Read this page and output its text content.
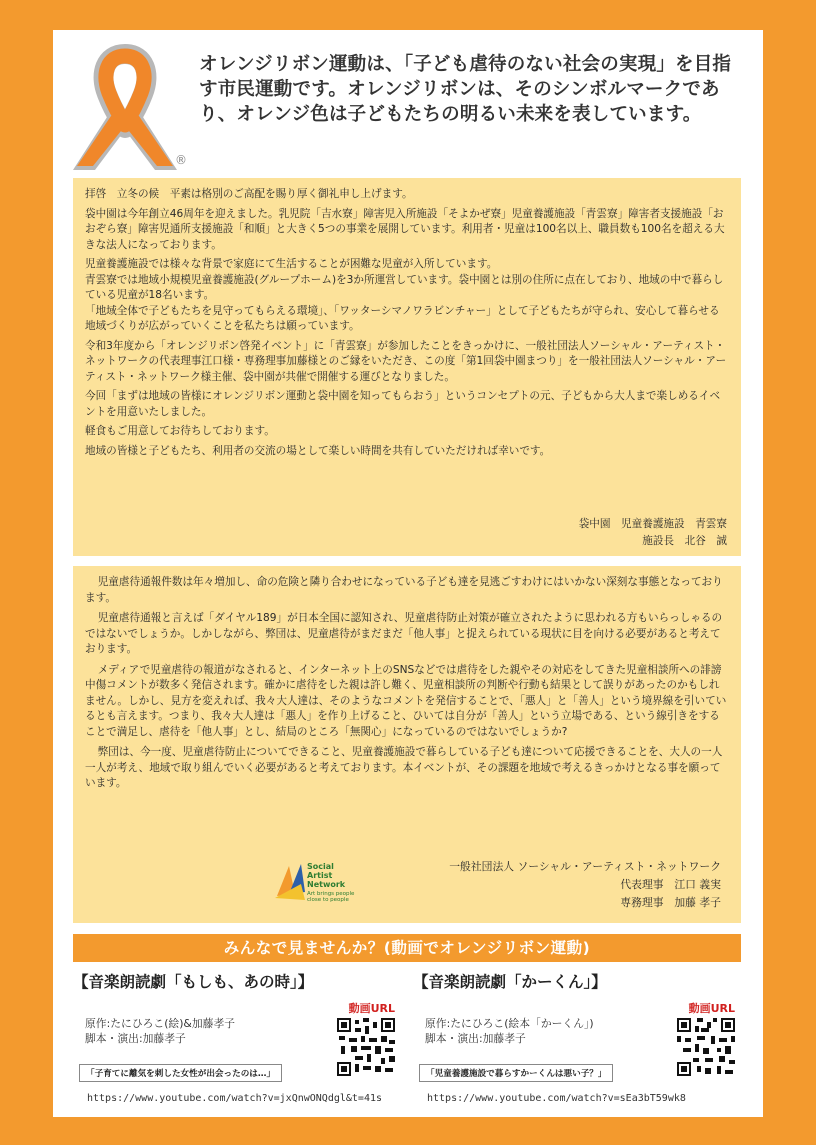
®
オレンジリボン運動は、「子ども虐待のない社会の実現」を目指す市民運動です。オレンジリボンは、そのシンボルマークであり、オレンジ色は子どもたちの明るい未来を表しています。

拝啓　立冬の候　平素は格別のご高配を賜り厚く御礼申し上げます。

袋中園は今年創立46周年を迎えました。乳児院「吉水寮」障害児入所施設「そよかぜ寮」児童養護施設「青雲寮」障害者支援施設「おおぞら寮」障害児通所支援施設「和順」と大きく5つの事業を展開しています。利用者・児童は100名以上、職員数も100名を超える大きな法人になっております。

児童養護施設では様々な背景で家庭にて生活することが困難な児童が入所しています。
青雲寮では地域小規模児童養護施設(グループホーム)を3か所運営しています。袋中園とは別の住所に点在しており、地域の中で暮らしている児童が18名います。
「地域全体で子どもたちを見守ってもらえる環境」、「ワッターシマノワラビンチャー」として子どもたちが守られ、安心して暮らせる地域づくりが広がっていくことを私たちは願っています。

令和3年度から「オレンジリボン啓発イベント」に「青雲寮」が参加したことをきっかけに、一般社団法人ソーシャル・アーティスト・ネットワークの代表理事江口様・専務理事加藤様とのご縁をいただき、この度「第1回袋中園まつり」を一般社団法人ソーシャル・アーティスト・ネットワーク様主催、袋中園が共催で開催する運びとなりました。

今回「まずは地域の皆様にオレンジリボン運動と袋中園を知ってもらおう」というコンセプトの元、子どもから大人まで楽しめるイベントを用意いたしました。

軽食もご用意してお待ちしております。

地域の皆様と子どもたち、利用者の交流の場として楽しい時間を共有していただければ幸いです。

袋中園　児童養護施設　青雲寮
施設長　北谷　誠

児童虐待通報件数は年々増加し、命の危険と隣り合わせになっている子ども達を見逃ごすわけにはいかない深刻な事態となっております。

児童虐待通報と言えば「ダイヤル189」が日本全国に認知され、児童虐待防止対策が確立されたように思われる方もいらっしゃるのではないでしょうか。しかしながら、弊団は、児童虐待がまだまだ「他人事」と捉えられている現状に目を向ける必要があると考えております。

メディアで児童虐待の報道がなされると、インターネット上のSNSなどでは虐待をした親やその対応をしてきた児童相談所への誹謗中傷コメントが数多く発信されます。確かに虐待をした親は許し難く、児童相談所の判断や行動も結果として誤りがあったのかもしれません。しかし、見方を変えれば、我々大人達は、そのようなコメントを発信することで、「悪人」と「善人」という境界線を引いているとも言えます。つまり、我々大人達は「悪人」を作り上げること、ひいては自分が「善人」という立場である、という線引きをすることで満足し、虐待を「他人事」とし、結局のところ「無関心」になっているのではないでしょうか?

弊団は、今一度、児童虐待防止についてできること、児童養護施設で暮らしている子ども達について応援できることを、大人の一人一人が考え、地域で取り組んでいく必要があると考えております。本イベントが、その課題を地域で考えるきっかけとなる事を願っています。

Social
Artist
Network
Art brings people
close to people
一般社団法人 ソーシャル・アーティスト・ネットワーク
代表理事　江口 義実
専務理事　加藤 孝子
みんなで見ませんか？(動画でオレンジリボン運動)

【音楽朗読劇「もしも、あの時」】

原作:たにひろこ(絵)&加藤孝子
脚本・演出:加藤孝子
動画URL
「子育てに離気を刺した女性が出会ったのは…」
https://www.youtube.com/watch?v=jxQnwONQdgl&t=41s

【音楽朗読劇「かーくん」】

原作:たにひろこ(絵本「かーくん」)
脚本・演出:加藤孝子
動画URL
「児童養護施設で暮らすかーくんは悪い子？」
https://www.youtube.com/watch?v=sEa3bT59wk8
